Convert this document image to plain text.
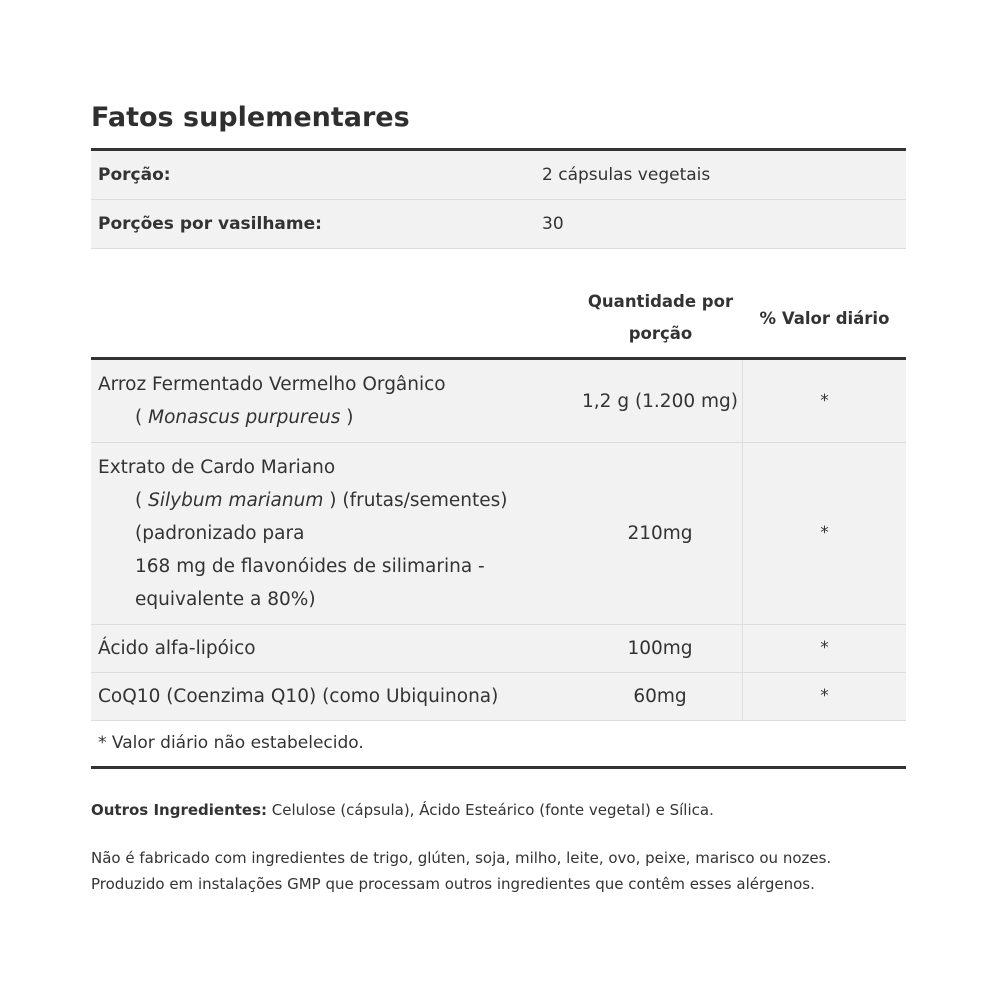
Fatos suplementares
Porção:	2 cápsulas vegetais
Porções por vasilhame:	30
Quantidade por porção
% Valor diário
Arroz Fermentado Vermelho Orgânico
( Monascus purpureus )
1,2 g (1.200 mg)	*
Extrato de Cardo Mariano
( Silybum marianum ) (frutas/sementes)
(padronizado para
168 mg de flavonóides de silimarina -
equivalente a 80%)
210mg	*
Ácido alfa-lipóico	100mg	*
CoQ10 (Coenzima Q10) (como Ubiquinona)	60mg	*
* Valor diário não estabelecido.
Outros Ingredientes: Celulose (cápsula), Ácido Esteárico (fonte vegetal) e Sílica.
Não é fabricado com ingredientes de trigo, glúten, soja, milho, leite, ovo, peixe, marisco ou nozes.
Produzido em instalações GMP que processam outros ingredientes que contêm esses alérgenos.
